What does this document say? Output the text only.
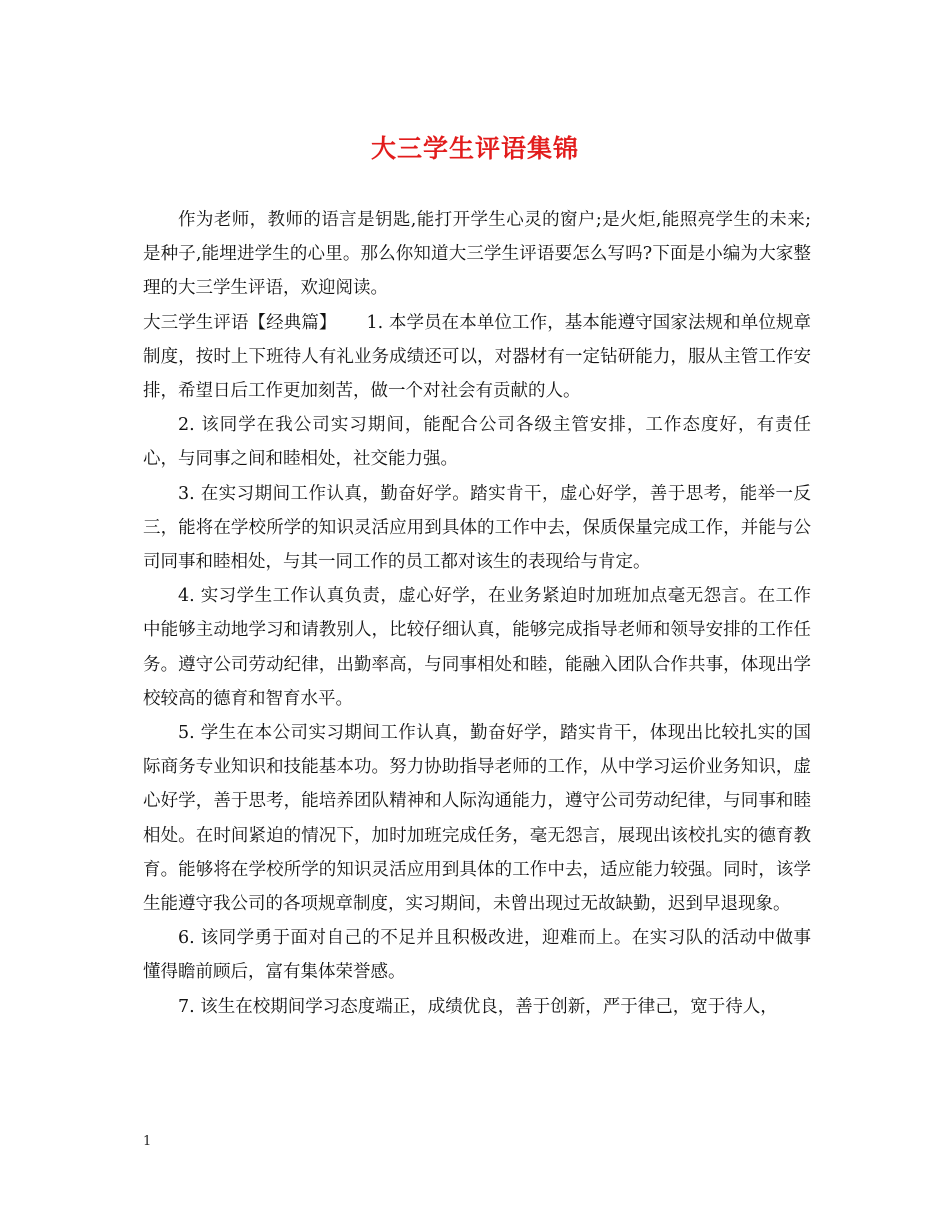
大三学生评语集锦

作为老师，教师的语言是钥匙,能打开学生心灵的窗户;是火炬,能照亮学生的未来;是种子,能埋进学生的心里。那么你知道大三学生评语要怎么写吗?下面是小编为大家整理的大三学生评语，欢迎阅读。

大三学生评语【经典篇】 1. 本学员在本单位工作，基本能遵守国家法规和单位规章制度，按时上下班待人有礼业务成绩还可以，对器材有一定钻研能力，服从主管工作安排，希望日后工作更加刻苦，做一个对社会有贡献的人。

2. 该同学在我公司实习期间，能配合公司各级主管安排，工作态度好，有责任心，与同事之间和睦相处，社交能力强。

3. 在实习期间工作认真，勤奋好学。踏实肯干，虚心好学，善于思考，能举一反三，能将在学校所学的知识灵活应用到具体的工作中去，保质保量完成工作，并能与公司同事和睦相处，与其一同工作的员工都对该生的表现给与肯定。

4. 实习学生工作认真负责，虚心好学，在业务紧迫时加班加点毫无怨言。在工作中能够主动地学习和请教别人，比较仔细认真，能够完成指导老师和领导安排的工作任务。遵守公司劳动纪律，出勤率高，与同事相处和睦，能融入团队合作共事，体现出学校较高的德育和智育水平。

5. 学生在本公司实习期间工作认真，勤奋好学，踏实肯干，体现出比较扎实的国际商务专业知识和技能基本功。努力协助指导老师的工作，从中学习运价业务知识，虚心好学，善于思考，能培养团队精神和人际沟通能力，遵守公司劳动纪律，与同事和睦相处。在时间紧迫的情况下，加时加班完成任务，毫无怨言，展现出该校扎实的德育教育。能够将在学校所学的知识灵活应用到具体的工作中去，适应能力较强。同时，该学生能遵守我公司的各项规章制度，实习期间，未曾出现过无故缺勤，迟到早退现象。

6. 该同学勇于面对自己的不足并且积极改进，迎难而上。在实习队的活动中做事懂得瞻前顾后，富有集体荣誉感。

7. 该生在校期间学习态度端正，成绩优良，善于创新，严于律己，宽于待人，

1
